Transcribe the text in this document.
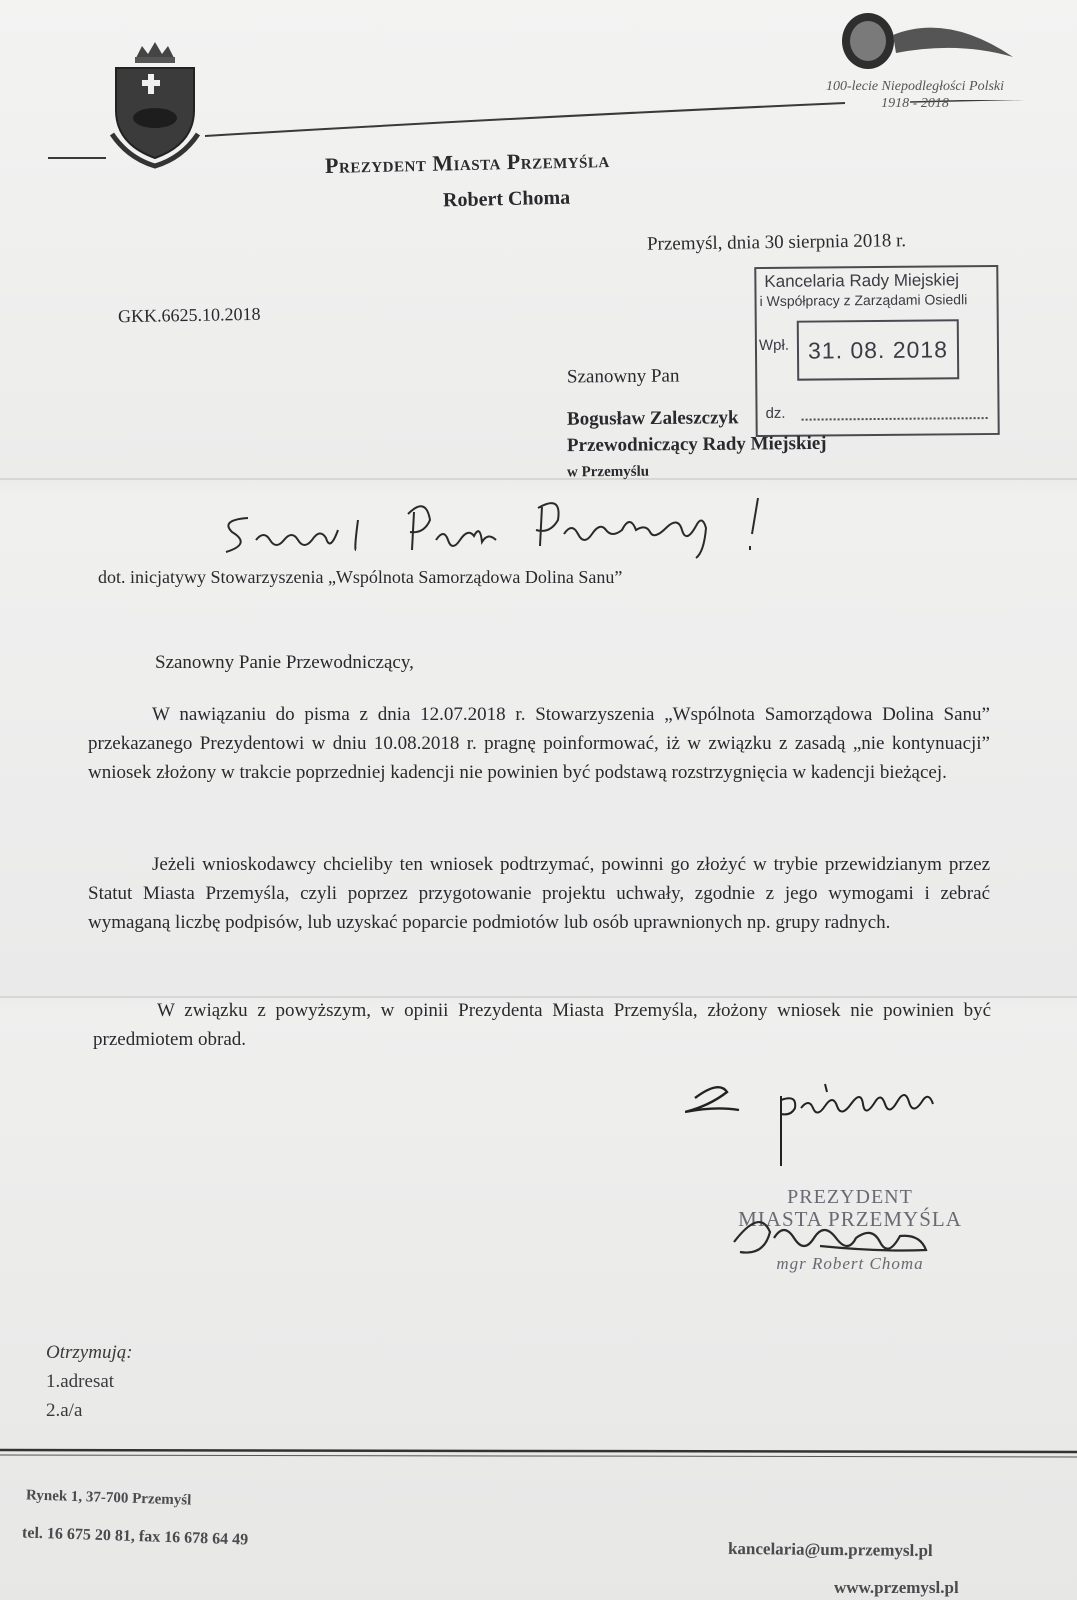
100-lecie Niepodległości Polski
1918 - 2018
Prezydent Miasta Przemyśla
Robert Choma
Przemyśl, dnia 30 sierpnia 2018 r.
GKK.6625.10.2018
Kancelaria Rady Miejskiej
i Współpracy z Zarządami Osiedli
Wpł. 31. 08. 2018
dz.
Szanowny Pan
Bogusław Zaleszczyk
Przewodniczący Rady Miejskiej
w Przemyślu
dot. inicjatywy Stowarzyszenia „Wspólnota Samorządowa Dolina Sanu”
Szanowny Panie Przewodniczący,
W nawiązaniu do pisma z dnia 12.07.2018 r. Stowarzyszenia „Wspólnota Samorządowa Dolina Sanu” przekazanego Prezydentowi w dniu 10.08.2018 r. pragnę poinformować, iż w związku z zasadą „nie kontynuacji” wniosek złożony w trakcie poprzedniej kadencji nie powinien być podstawą rozstrzygnięcia w kadencji bieżącej.
Jeżeli wnioskodawcy chcieliby ten wniosek podtrzymać, powinni go złożyć w trybie przewidzianym przez Statut Miasta Przemyśla, czyli poprzez przygotowanie projektu uchwały, zgodnie z jego wymogami i zebrać wymaganą liczbę podpisów, lub uzyskać poparcie podmiotów lub osób uprawnionych np. grupy radnych.
W związku z powyższym, w opinii Prezydenta Miasta Przemyśla, złożony wniosek nie powinien być przedmiotem obrad.
PREZYDENT
MIASTA PRZEMYŚLA
mgr Robert Choma
Otrzymują:
1.adresat
2.a/a
Rynek 1, 37-700 Przemyśl
tel. 16 675 20 81, fax 16 678 64 49
kancelaria@um.przemysl.pl
www.przemysl.pl
